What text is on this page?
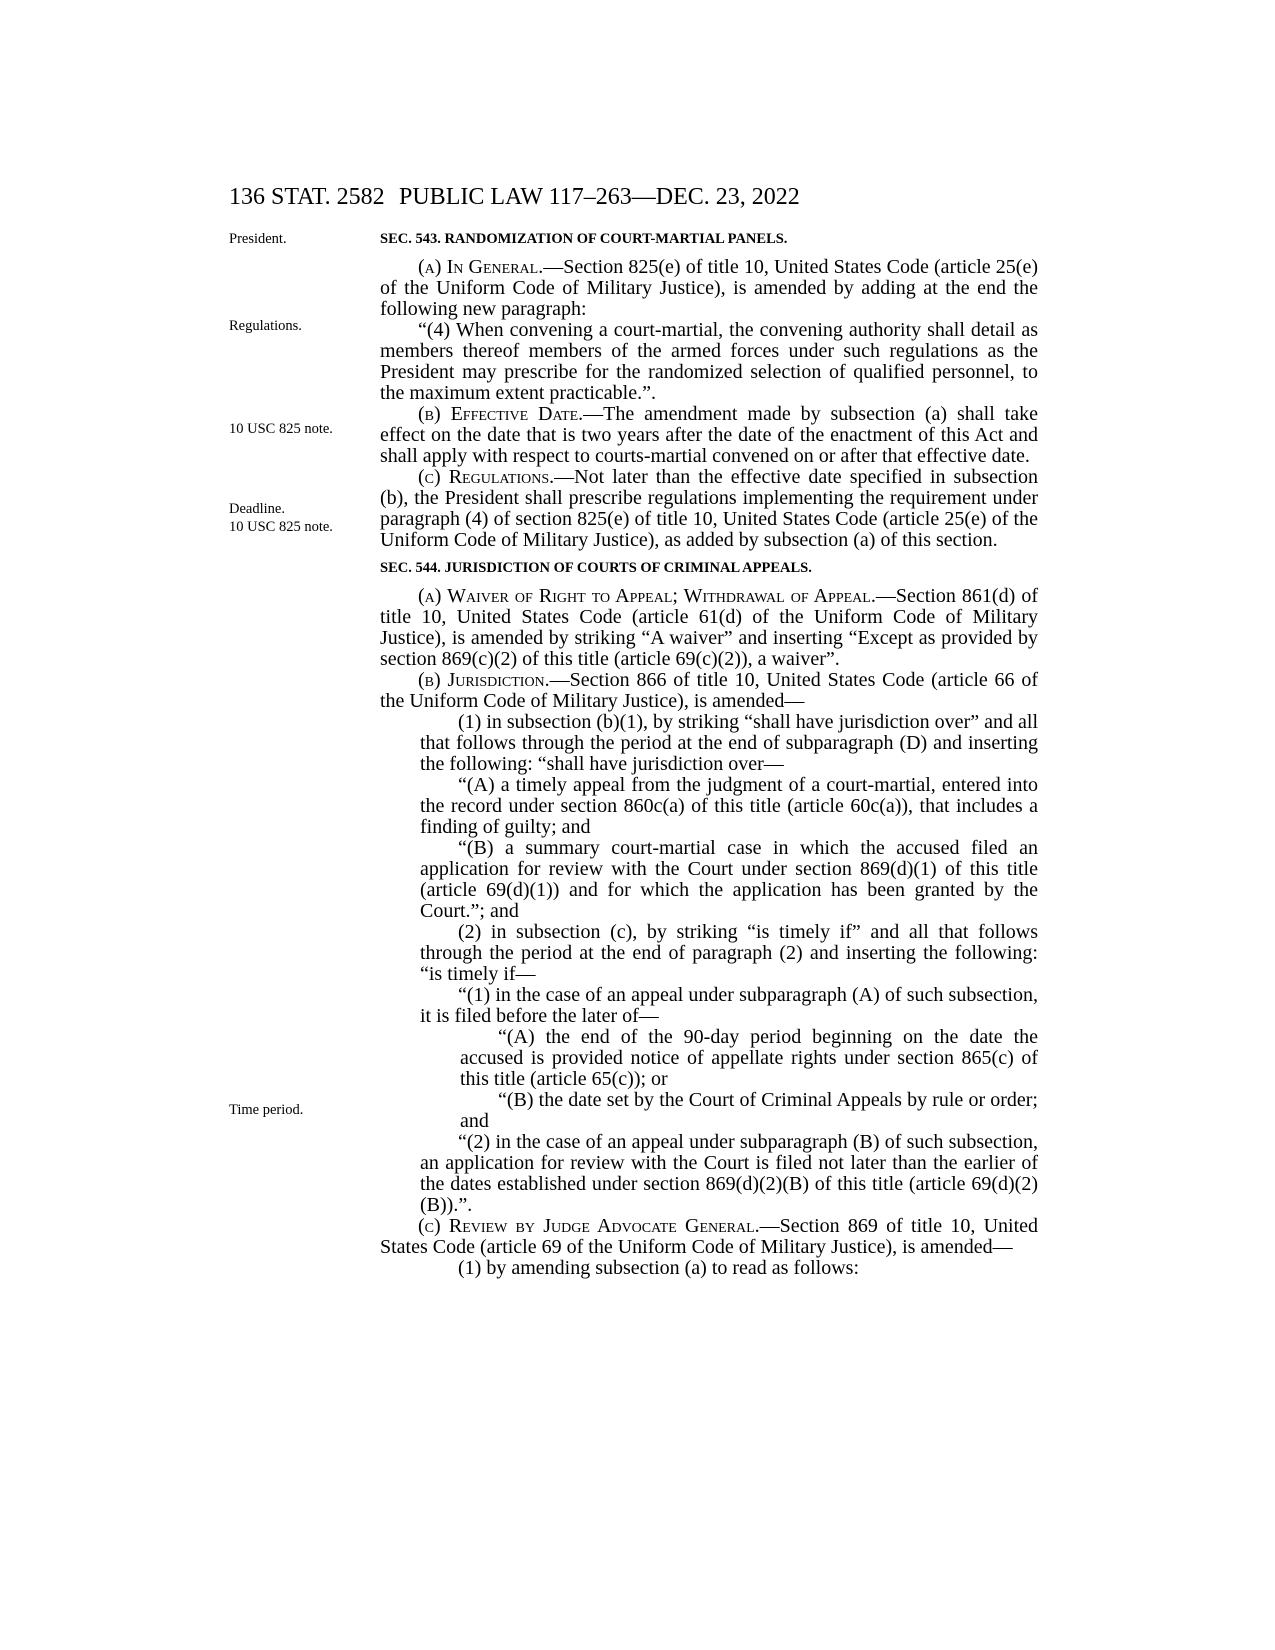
136 STAT. 2582 PUBLIC LAW 117–263—DEC. 23, 2022
President.
Regulations.
10 USC 825 note.
Deadline.
10 USC 825 note.
Time period.

SEC. 543. RANDOMIZATION OF COURT-MARTIAL PANELS.

(a) In General.—Section 825(e) of title 10, United States Code (article 25(e) of the Uniform Code of Military Justice), is amended by adding at the end the following new paragraph:

“(4) When convening a court-martial, the convening authority shall detail as members thereof members of the armed forces under such regulations as the President may prescribe for the randomized selection of qualified personnel, to the maximum extent practicable.”.

(b) Effective Date.—The amendment made by subsection (a) shall take effect on the date that is two years after the date of the enactment of this Act and shall apply with respect to courts-martial convened on or after that effective date.

(c) Regulations.—Not later than the effective date specified in subsection (b), the President shall prescribe regulations implementing the requirement under paragraph (4) of section 825(e) of title 10, United States Code (article 25(e) of the Uniform Code of Military Justice), as added by subsection (a) of this section.

SEC. 544. JURISDICTION OF COURTS OF CRIMINAL APPEALS.

(a) Waiver of Right to Appeal; Withdrawal of Appeal.—Section 861(d) of title 10, United States Code (article 61(d) of the Uniform Code of Military Justice), is amended by striking “A waiver” and inserting “Except as provided by section 869(c)(2) of this title (article 69(c)(2)), a waiver”.

(b) Jurisdiction.—Section 866 of title 10, United States Code (article 66 of the Uniform Code of Military Justice), is amended—

(1) in subsection (b)(1), by striking “shall have jurisdiction over” and all that follows through the period at the end of subparagraph (D) and inserting the following: “shall have jurisdiction over—

“(A) a timely appeal from the judgment of a court-martial, entered into the record under section 860c(a) of this title (article 60c(a)), that includes a finding of guilty; and

“(B) a summary court-martial case in which the accused filed an application for review with the Court under section 869(d)(1) of this title (article 69(d)(1)) and for which the application has been granted by the Court.”; and

(2) in subsection (c), by striking “is timely if” and all that follows through the period at the end of paragraph (2) and inserting the following: “is timely if—

“(1) in the case of an appeal under subparagraph (A) of such subsection, it is filed before the later of—

“(A) the end of the 90-day period beginning on the date the accused is provided notice of appellate rights under section 865(c) of this title (article 65(c)); or

“(B) the date set by the Court of Criminal Appeals by rule or order; and

“(2) in the case of an appeal under subparagraph (B) of such subsection, an application for review with the Court is filed not later than the earlier of the dates established under section 869(d)(2)(B) of this title (article 69(d)(2)(B)).”.

(c) Review by Judge Advocate General.—Section 869 of title 10, United States Code (article 69 of the Uniform Code of Military Justice), is amended—

(1) by amending subsection (a) to read as follows:
